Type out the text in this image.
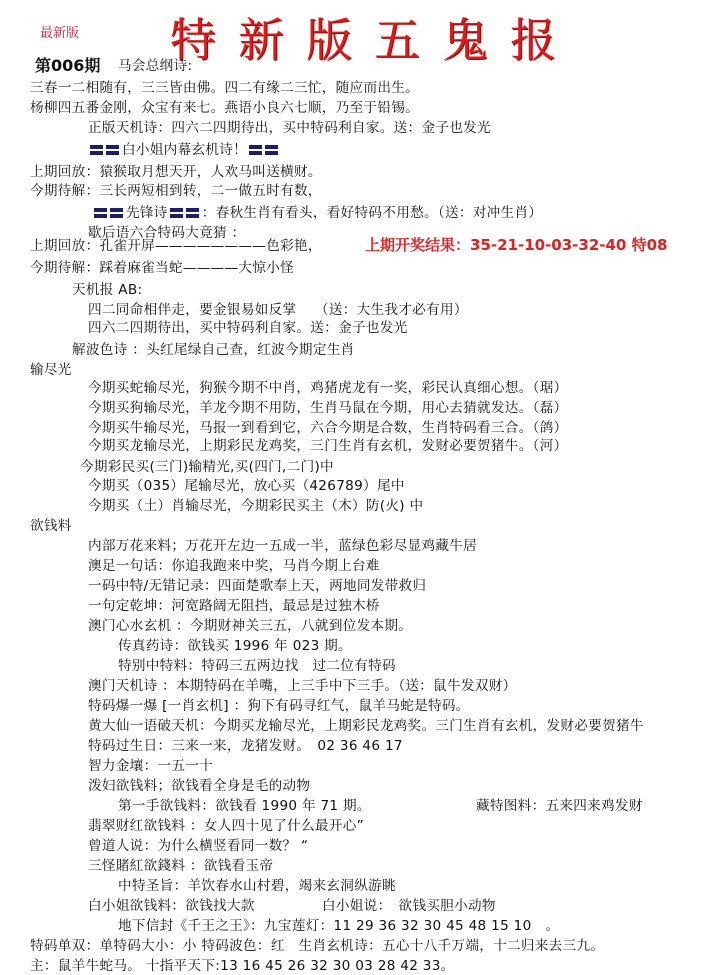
最新版 特新版五鬼报
第006期
上期开奖结果：35-21-10-03-32-40 特08
马会总纲诗:
三春一二相随有，三三皆由佛。四二有缘二三忙，随应而出生。
杨柳四五番金刚，众宝有来七。燕语小良六七顺，乃至于铅锡。
正版天机诗：四六二四期待出，买中特码利自家。送：金子也发光
白小姐内幕玄机诗！
上期回放：猿猴取月想天开，人欢马叫送横财。
今期待解：三长两短相到转，二一做五时有数，
先锋诗	：春秋生肖有看头，看好特码不用愁。（送：对冲生肖）
歇后语六合特码大竟猜 ：
上期回放：孔雀开屏————————色彩艳，
今期待解：踩着麻雀当蛇————大惊小怪
天机报 AB:
四二同命相伴走，要金银易如反掌　 （送：大生我才必有用）
四六二四期待出，买中特码利自家。送：金子也发光
解波色诗 ：头红尾绿自己查，红波今期定生肖
输尽光
今期买蛇输尽光，狗猴今期不中肖，鸡猪虎龙有一奖，彩民认真细心想。（琚）
今期买狗输尽光，羊龙今期不用防，生肖马鼠在今期，用心去猜就发达。（磊）
今期买牛输尽光，马报一到看到它，六合今期是合数，生肖特码看三合。（鸽）
今期买龙输尽光，上期彩民龙鸡奖，三门生肖有玄机，发财必要贺猪牛。（河）
今期彩民买(三门)输精光,买(四门,二门)中
今期买（035）尾输尽光，放心买（426789）尾中
今期买（土）肖输尽光，今期彩民买主（木）防(火) 中
欲钱料
内部万花来料；万花开左边一五成一半，蓝绿色彩尽显鸡藏牛居
澳足一句话：你追我跑来中奖，马肖今期上台难
一码中特/无错记录：四面楚歌奉上天，两地同发带救归
一句定乾坤：河宽路阔无阻挡，最忌是过独木桥
澳门心水玄机 ：今期财神关三五，八就到位发本期。
传真药诗：欲钱买 1996 年 023 期。
特别中特料：特码三五两边找　过二位有特码
澳门天机诗 ：本期特码在羊嘴，上三手中下三手。（送：鼠牛发双财）
特码爆一爆 [一肖玄机] ：狗下有码寻红气，鼠羊马蛇是特码。
黄大仙一语破天机：今期买龙输尽光，上期彩民龙鸡奖。三门生肖有玄机，发财必要贺猪牛
特码过生日：三来一来，龙猪发财。　02 36 46 17
智力金壤：一五一十
泼妇欲钱料；欲钱看全身是毛的动物
第一手欲钱料：欲钱看 1990 年 71 期。	藏特图料：五来四来鸡发财
翡翠财红欲钱料 ：女人四十见了什么最开心”
曾道人说：为什么横竖看同一数？ “
三怪賭紅欲錢料 ：欲钱看玉帝
中特圣旨：羊饮春水山村碧，竭来玄洞纵游眺
白小姐欲钱料：欲钱找大款	白小姐说：　欲钱买胆小动物
地下信封《千王之王》：九宝莲灯：11 29 36 32 30 45 48 15 10　。
特码单双：单特码大小：小 特码波色：红　生肖玄机诗：五心十八千万端，十二归来去三九。
主：鼠羊牛蛇马。 十指平天下:13 16 45 26 32 30 03 28 42 33。
